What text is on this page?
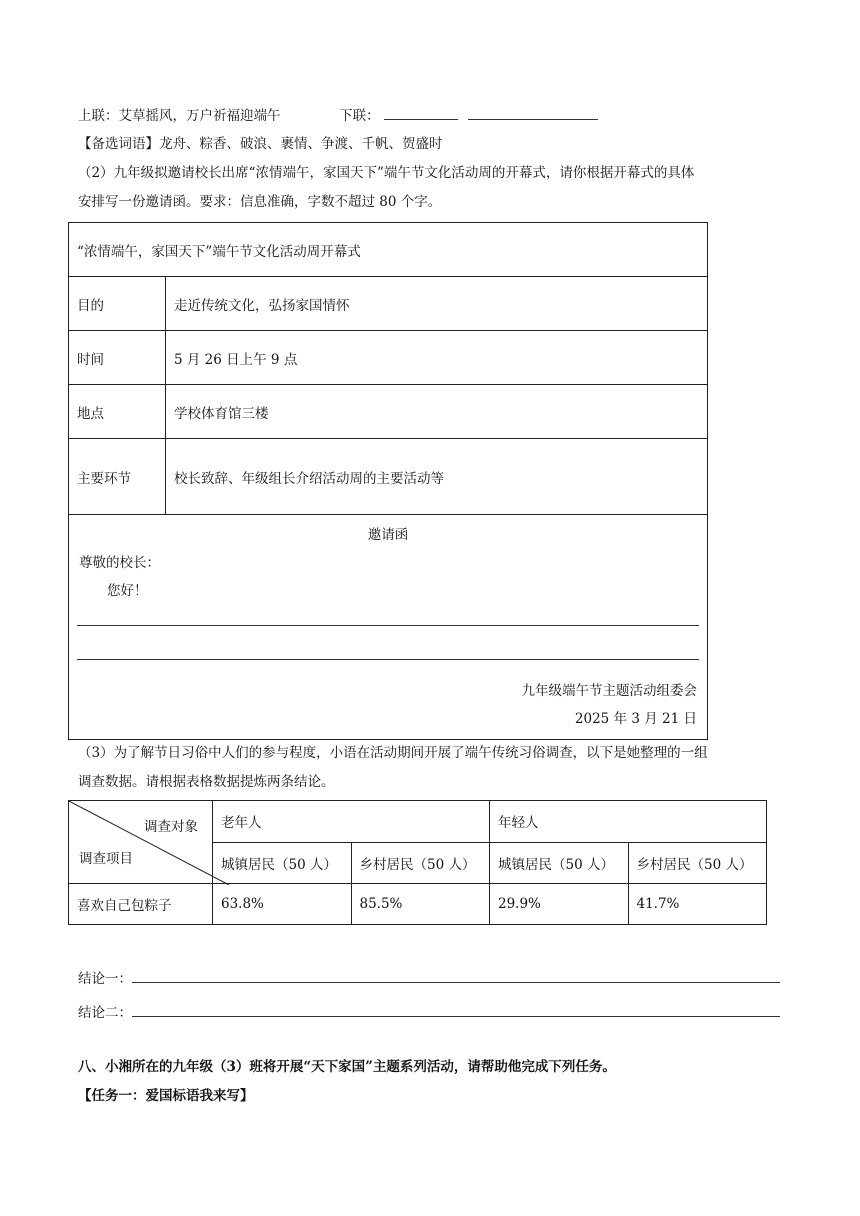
上联：艾草摇风，万户祈福迎端午	下联：
【备选词语】龙舟、粽香、破浪、裹情、争渡、千帆、贺盛时
（2）九年级拟邀请校长出席“浓情端午，家国天下”端午节文化活动周的开幕式，请你根据开幕式的具体
安排写一份邀请函。要求：信息准确，字数不超过 80 个字。
“浓情端午，家国天下”端午节文化活动周开幕式	
目的	走近传统文化，弘扬家国情怀
时间	5 月 26 日上午 9 点
地点	学校体育馆三楼
主要环节	校长致辞、年级组长介绍活动周的主要活动等

邀请函
尊敬的校长：
您好！
九年级端午节主题活动组委会
2025 年 3 月 21 日	
（3）为了解节日习俗中人们的参与程度，小语在活动期间开展了端午传统习俗调查，以下是她整理的一组
调查数据。请根据表格数据提炼两条结论。
调查对象
调查项目	老年人		年轻人	
	城镇居民（50 人）	乡村居民（50 人）	城镇居民（50 人）	乡村居民（50 人）
喜欢自己包粽子	63.8%	85.5%	29.9%	41.7%
结论一：
结论二：
八、小湘所在的九年级（3）班将开展“天下家国”主题系列活动，请帮助他完成下列任务。
【任务一：爱国标语我来写】
